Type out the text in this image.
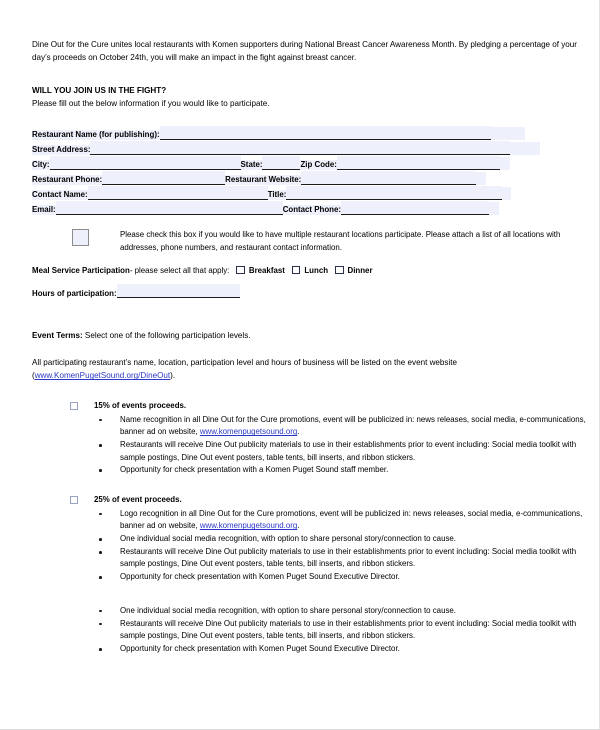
Dine Out for the Cure unites local restaurants with Komen supporters during National Breast Cancer Awareness Month. By pledging a percentage of your day’s proceeds on October 24th, you will make an impact in the fight against breast cancer.

WILL YOU JOIN US IN THE FIGHT?

Please fill out the below information if you would like to participate.

Restaurant Name (for publishing):
Street Address:
City:	State:	Zip Code:
Restaurant Phone:	Restaurant Website:
Contact Name:	Title:
Email:	Contact Phone:
Please check this box if you would like to have multiple restaurant locations participate. Please attach a list of all locations with addresses, phone numbers, and restaurant contact information.
Meal Service Participation - please select all that apply: Breakfast Lunch Dinner
Hours of participation:

Event Terms: Select one of the following participation levels.

All participating restaurant’s name, location, participation level and hours of business will be listed on the event website
(www.KomenPugetSound.org/DineOut).

15% of events proceeds.
Name recognition in all Dine Out for the Cure promotions, event will be publicized in: news releases, social media, e-communications, banner ad on website, www.komenpugetsound.org.
Restaurants will receive Dine Out publicity materials to use in their establishments prior to event including: Social media toolkit with sample postings, Dine Out event posters, table tents, bill inserts, and ribbon stickers.
Opportunity for check presentation with a Komen Puget Sound staff member.
25% of event proceeds.
Logo recognition in all Dine Out for the Cure promotions, event will be publicized in: news releases, social media, e-communications, banner ad on website, www.komenpugetsound.org.
One individual social media recognition, with option to share personal story/connection to cause.
Restaurants will receive Dine Out publicity materials to use in their establishments prior to event including: Social media toolkit with sample postings, Dine Out event posters, table tents, bill inserts, and ribbon stickers.
Opportunity for check presentation with Komen Puget Sound Executive Director.
One individual social media recognition, with option to share personal story/connection to cause.
Restaurants will receive Dine Out publicity materials to use in their establishments prior to event including: Social media toolkit with sample postings, Dine Out event posters, table tents, bill inserts, and ribbon stickers.
Opportunity for check presentation with Komen Puget Sound Executive Director.
